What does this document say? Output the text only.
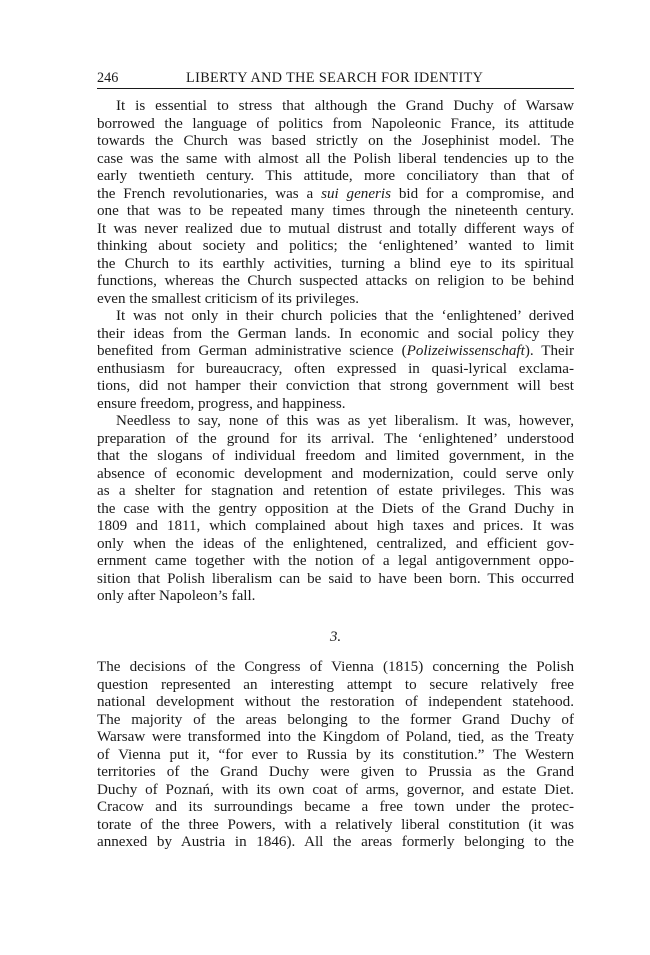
246	LIBERTY AND THE SEARCH FOR IDENTITY
It is essential to stress that although the Grand Duchy of Warsaw
borrowed the language of politics from Napoleonic France, its attitude
towards the Church was based strictly on the Josephinist model. The
case was the same with almost all the Polish liberal tendencies up to the
early twentieth century. This attitude, more conciliatory than that of
the French revolutionaries, was a sui generis bid for a compromise, and
one that was to be repeated many times through the nineteenth century.
It was never realized due to mutual distrust and totally different ways of
thinking about society and politics; the ‘enlightened’ wanted to limit
the Church to its earthly activities, turning a blind eye to its spiritual
functions, whereas the Church suspected attacks on religion to be behind
even the smallest criticism of its privileges.
It was not only in their church policies that the ‘enlightened’ derived
their ideas from the German lands. In economic and social policy they
benefited from German administrative science (Polizeiwissenschaft). Their
enthusiasm for bureaucracy, often expressed in quasi-lyrical exclama-
tions, did not hamper their conviction that strong government will best
ensure freedom, progress, and happiness.
Needless to say, none of this was as yet liberalism. It was, however,
preparation of the ground for its arrival. The ‘enlightened’ understood
that the slogans of individual freedom and limited government, in the
absence of economic development and modernization, could serve only
as a shelter for stagnation and retention of estate privileges. This was
the case with the gentry opposition at the Diets of the Grand Duchy in
1809 and 1811, which complained about high taxes and prices. It was
only when the ideas of the enlightened, centralized, and efficient gov-
ernment came together with the notion of a legal antigovernment oppo-
sition that Polish liberalism can be said to have been born. This occurred
only after Napoleon’s fall.
3.
The decisions of the Congress of Vienna (1815) concerning the Polish
question represented an interesting attempt to secure relatively free
national development without the restoration of independent statehood.
The majority of the areas belonging to the former Grand Duchy of
Warsaw were transformed into the Kingdom of Poland, tied, as the Treaty
of Vienna put it, “for ever to Russia by its constitution.” The Western
territories of the Grand Duchy were given to Prussia as the Grand
Duchy of Poznań, with its own coat of arms, governor, and estate Diet.
Cracow and its surroundings became a free town under the protec-
torate of the three Powers, with a relatively liberal constitution (it was
annexed by Austria in 1846). All the areas formerly belonging to the
